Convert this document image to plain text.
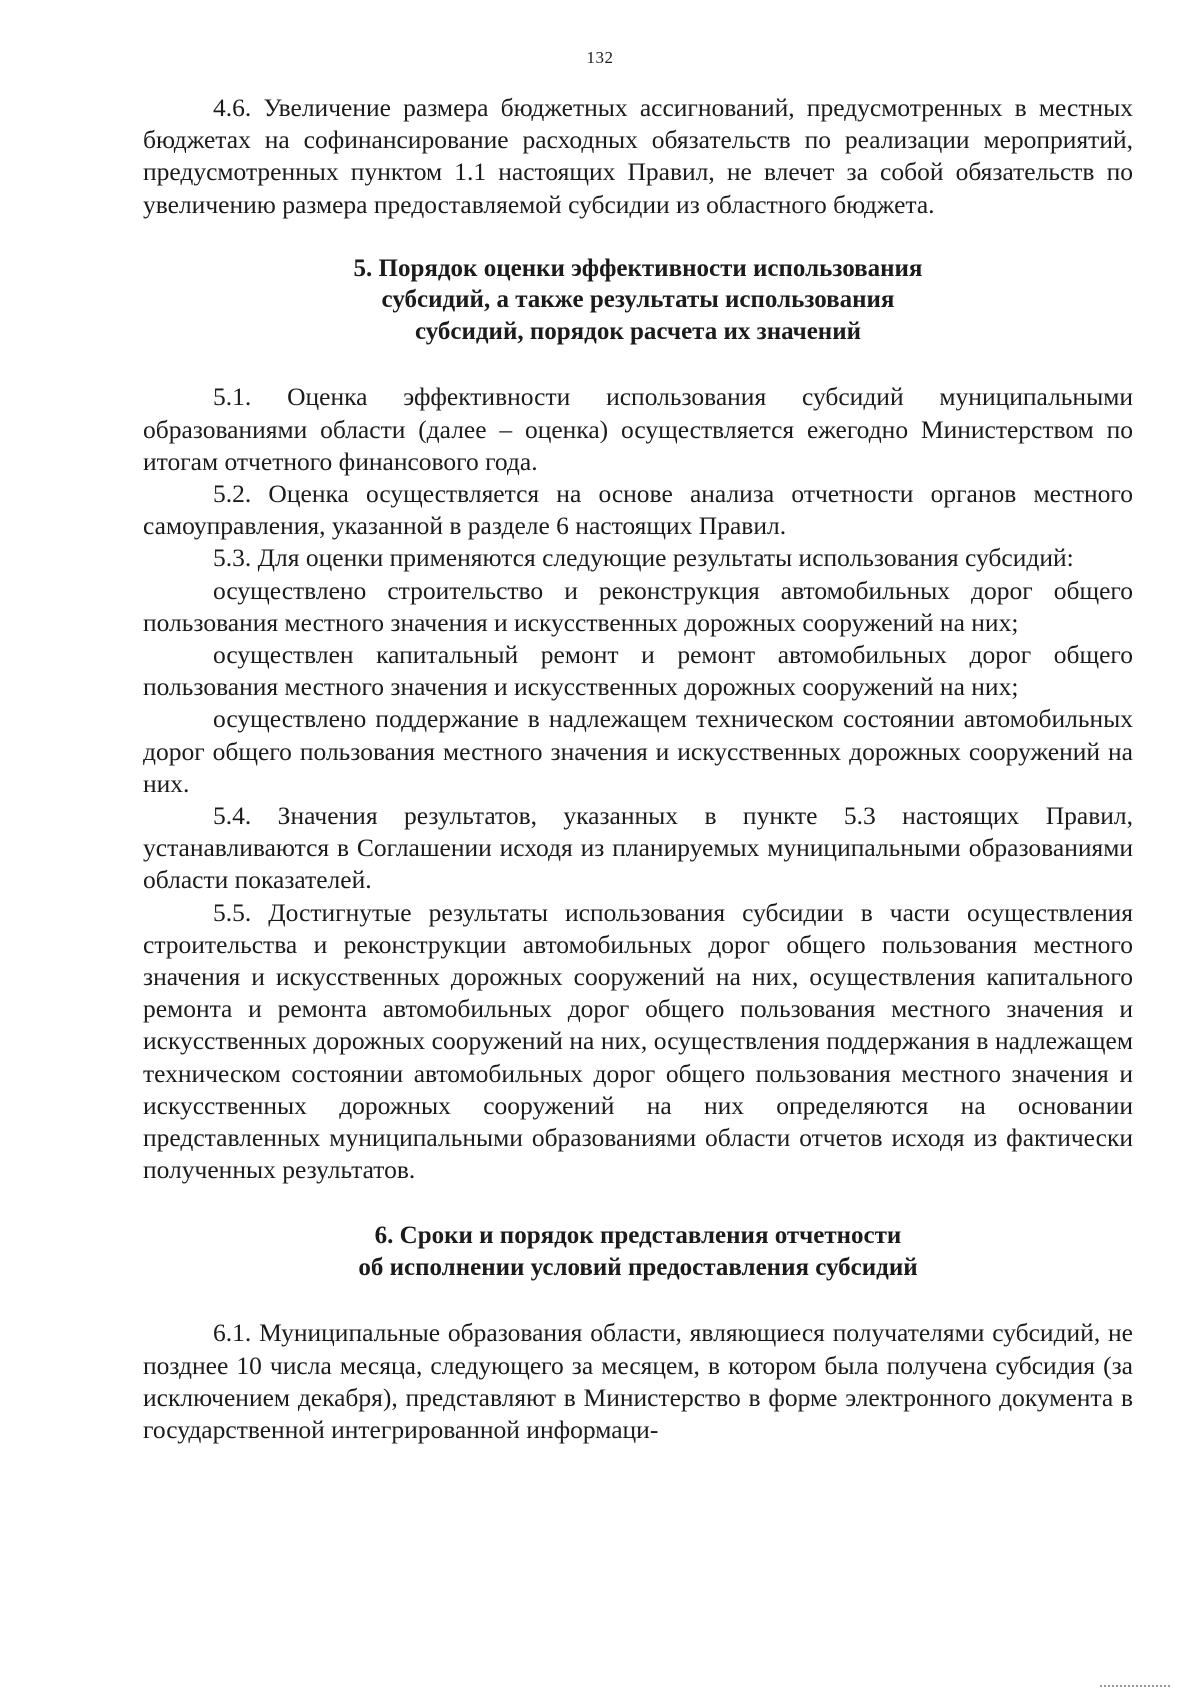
132

4.6. Увеличение размера бюджетных ассигнований, предусмотренных в местных бюджетах на софинансирование расходных обязательств по реализации мероприятий, предусмотренных пунктом 1.1 настоящих Правил, не влечет за собой обязательств по увеличению размера предоставляемой субсидии из областного бюджета.

5. Порядок оценки эффективности использования
субсидий, а также результаты использования
субсидий, порядок расчета их значений

5.1. Оценка эффективности использования субсидий муниципальными образованиями области (далее – оценка) осуществляется ежегодно Министерством по итогам отчетного финансового года.

5.2. Оценка осуществляется на основе анализа отчетности органов местного самоуправления, указанной в разделе 6 настоящих Правил.

5.3. Для оценки применяются следующие результаты использования субсидий:

осуществлено строительство и реконструкция автомобильных дорог общего пользования местного значения и искусственных дорожных сооружений на них;

осуществлен капитальный ремонт и ремонт автомобильных дорог общего пользования местного значения и искусственных дорожных сооружений на них;

осуществлено поддержание в надлежащем техническом состоянии автомобильных дорог общего пользования местного значения и искусственных дорожных сооружений на них.

5.4. Значения результатов, указанных в пункте 5.3 настоящих Правил, устанавливаются в Соглашении исходя из планируемых муниципальными образованиями области показателей.

5.5. Достигнутые результаты использования субсидии в части осуществления строительства и реконструкции автомобильных дорог общего пользования местного значения и искусственных дорожных сооружений на них, осуществления капитального ремонта и ремонта автомобильных дорог общего пользования местного значения и искусственных дорожных сооружений на них, осуществления поддержания в надлежащем техническом состоянии автомобильных дорог общего пользования местного значения и искусственных дорожных сооружений на них определяются на основании представленных муниципальными образованиями области отчетов исходя из фактически полученных результатов.

6. Сроки и порядок представления отчетности
об исполнении условий предоставления субсидий

6.1. Муниципальные образования области, являющиеся получателями субсидий, не позднее 10 числа месяца, следующего за месяцем, в котором была получена субсидия (за исключением декабря), представляют в Министерство в форме электронного документа в государственной интегрированной информаци-
